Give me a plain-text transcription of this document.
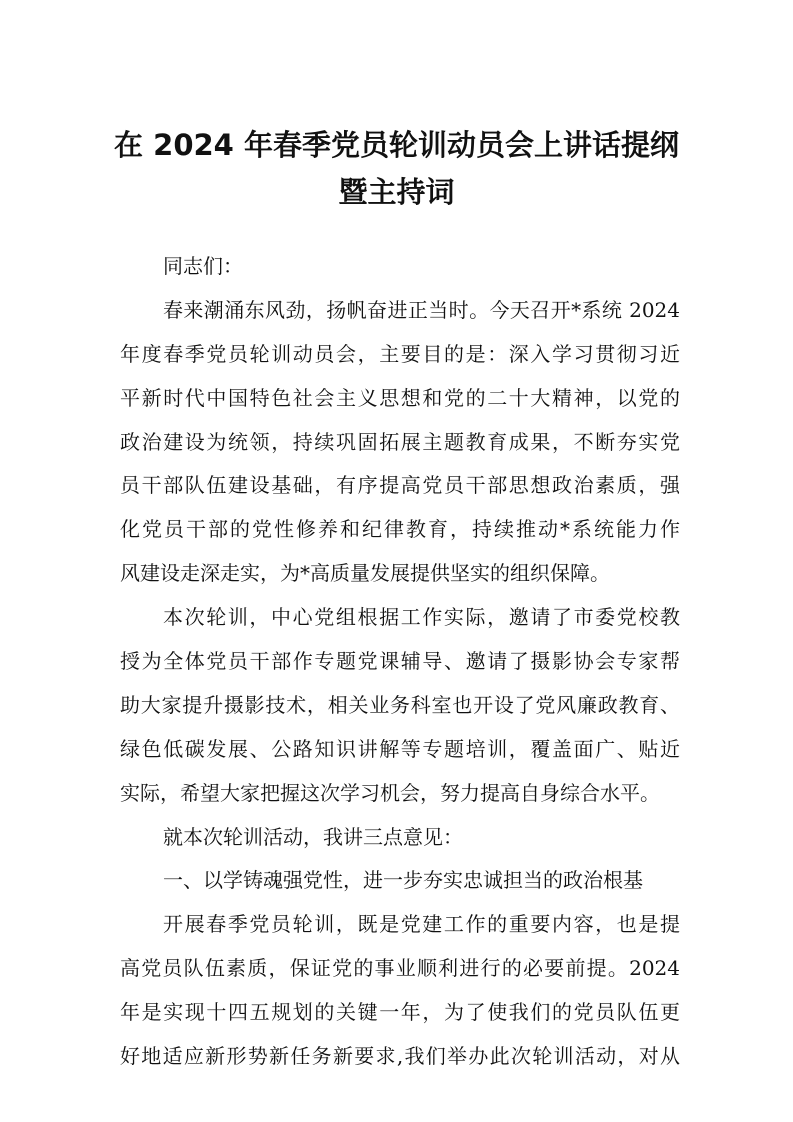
在 2024 年春季党员轮训动员会上讲话提纲
暨主持词
同志们：
春来潮涌东风劲，扬帆奋进正当时。今天召开*系统 2024
年度春季党员轮训动员会，主要目的是：深入学习贯彻习近
平新时代中国特色社会主义思想和党的二十大精神，以党的
政治建设为统领，持续巩固拓展主题教育成果，不断夯实党
员干部队伍建设基础，有序提高党员干部思想政治素质，强
化党员干部的党性修养和纪律教育，持续推动*系统能力作
风建设走深走实，为*高质量发展提供坚实的组织保障。
本次轮训，中心党组根据工作实际，邀请了市委党校教
授为全体党员干部作专题党课辅导、邀请了摄影协会专家帮
助大家提升摄影技术，相关业务科室也开设了党风廉政教育、
绿色低碳发展、公路知识讲解等专题培训，覆盖面广、贴近
实际，希望大家把握这次学习机会，努力提高自身综合水平。
就本次轮训活动，我讲三点意见：
一、以学铸魂强党性，进一步夯实忠诚担当的政治根基
开展春季党员轮训，既是党建工作的重要内容，也是提
高党员队伍素质，保证党的事业顺利进行的必要前提。2024
年是实现十四五规划的关键一年，为了使我们的党员队伍更
好地适应新形势新任务新要求,我们举办此次轮训活动，对从
